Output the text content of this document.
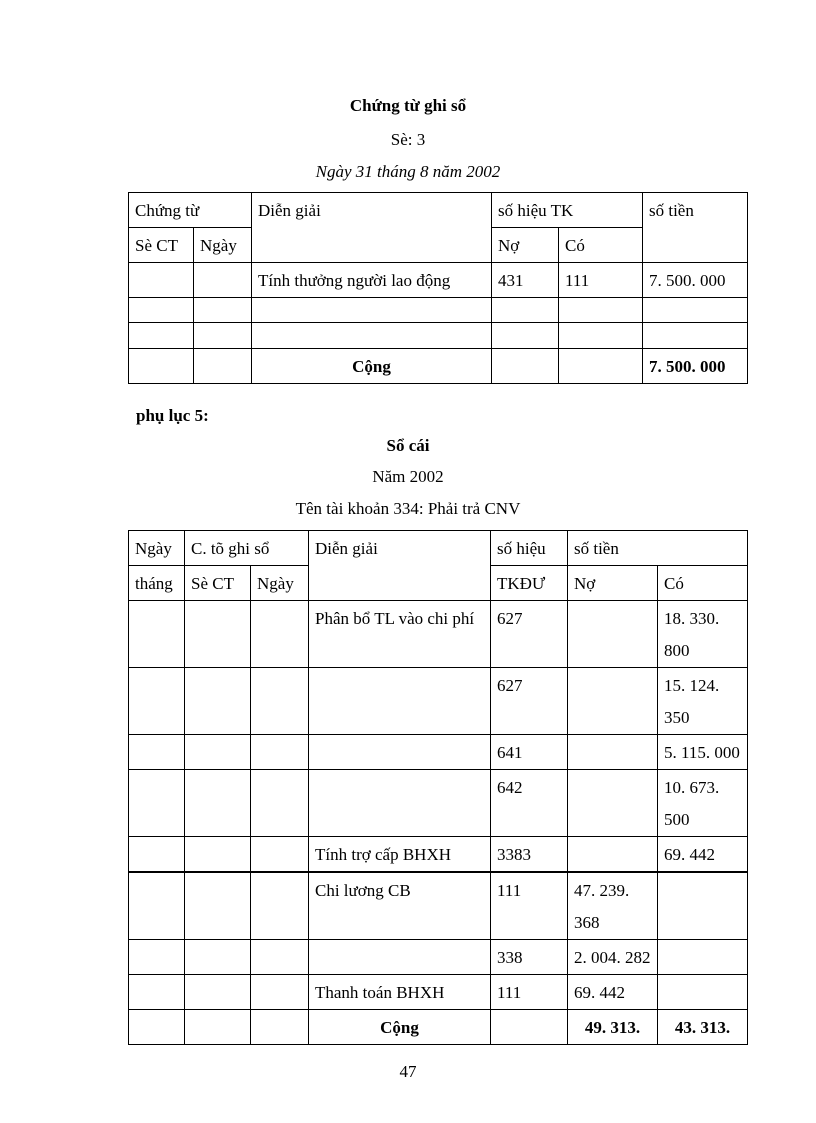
Chứng từ ghi sổ
Sè: 3
Ngày 31 tháng 8 năm 2002
Chứng từ		Diễn giải	số hiệu TK		số tiền
Sè CT	Ngày		Nợ	Có	
		Tính thưởng người lao động	431	111	7. 500. 000

		Cộng			7. 500. 000
phụ lục 5:
Sổ cái
Năm 2002
Tên tài khoản 334: Phải trả CNV
Ngày	C. tõ ghi sổ		Diễn giải	số hiệu	số tiền	
tháng	Sè CT	Ngày		TKĐƯ	Nợ	Có
			Phân bổ TL vào chi phí	627		18. 330. 800
				627		15. 124. 350
				641		5. 115. 000
				642		10. 673. 500
			Tính trợ cấp BHXH	3383		69. 442
			Chi lương CB	111	47. 239. 368	
				338	2. 004. 282	
			Thanh toán BHXH	111	69. 442	
			Cộng		49. 313.	43. 313.
47
